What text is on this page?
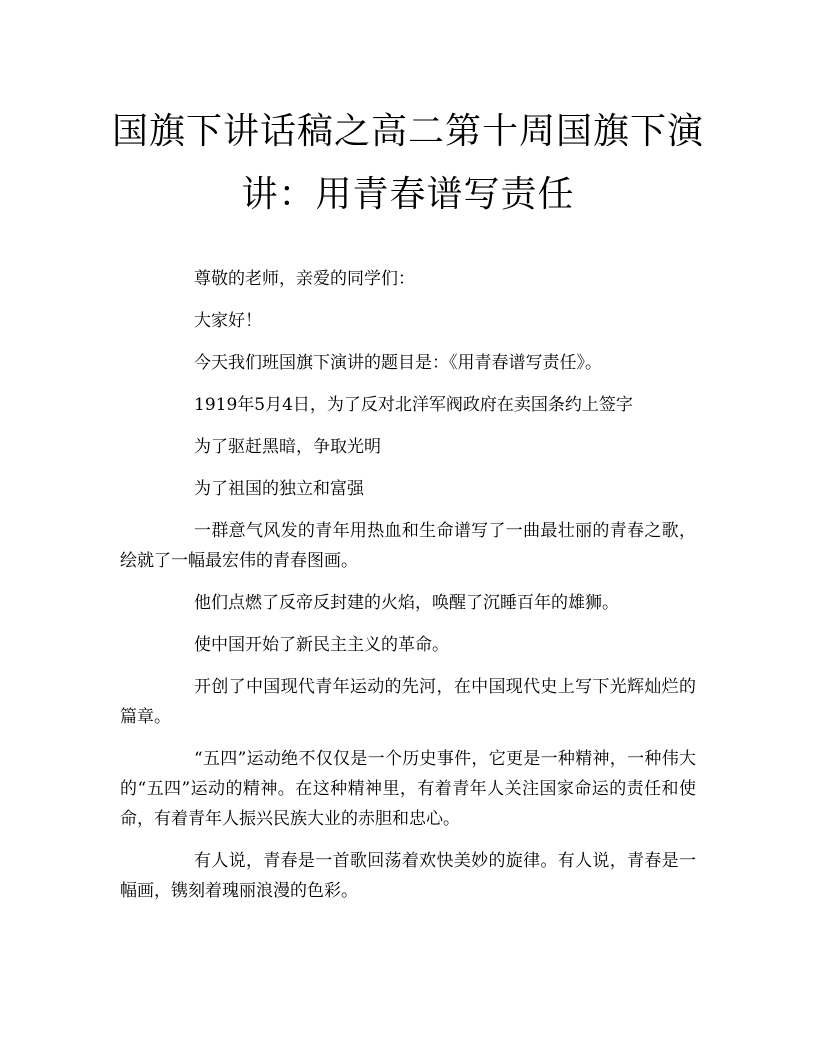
国旗下讲话稿之高二第十周国旗下演
讲：用青春谱写责任

尊敬的老师，亲爱的同学们：

大家好！

今天我们班国旗下演讲的题目是：《用青春谱写责任》。

1919年5月4日，为了反对北洋军阀政府在卖国条约上签字

为了驱赶黑暗，争取光明

为了祖国的独立和富强

一群意气风发的青年用热血和生命谱写了一曲最壮丽的青春之歌， 绘就了一幅最宏伟的青春图画。

他们点燃了反帝反封建的火焰，唤醒了沉睡百年的雄狮。

使中国开始了新民主主义的革命。

开创了中国现代青年运动的先河，在中国现代史上写下光辉灿烂的篇章。

“五四”运动绝不仅仅是一个历史事件，它更是一种精神，一种伟大的“五四”运动的精神。在这种精神里，有着青年人关注国家命运的责任和使命，有着青年人振兴民族大业的赤胆和忠心。

有人说，青春是一首歌回荡着欢快美妙的旋律。有人说，青春是一幅画，镌刻着瑰丽浪漫的色彩。
